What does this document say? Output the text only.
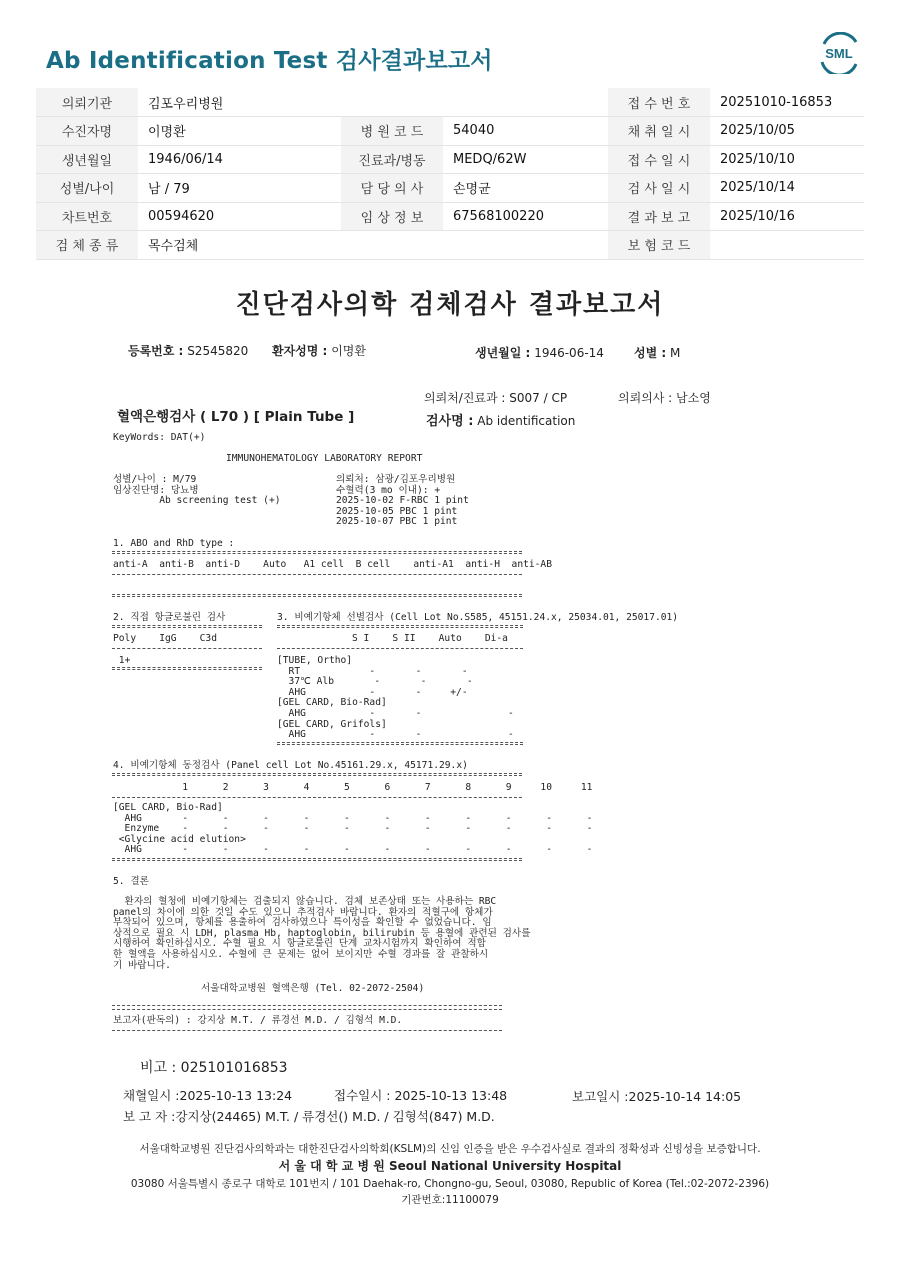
Ab Identification Test 검사결과보고서	SML
의뢰기관	김포우리병원			접 수 번 호	20251010-16853
수진자명	이명환	병 원 코 드	54040	채 취 일 시	2025/10/05
생년월일	1946/06/14	진료과/병동	MEDQ/62W	접 수 일 시	2025/10/10
성별/나이	남 / 79	담 당 의 사	손명균	검 사 일 시	2025/10/14
차트번호	00594620	임 상 정 보	67568100220	결 과 보 고	2025/10/16
검 체 종 류	목수검체			보 험 코 드	
진단검사의학 검체검사 결과보고서
등록번호 : S2545820 환자성명 : 이명환	생년월일 : 1946-06-14	성별 : M
의뢰처/진료과 : S007 / CP	의뢰의사 : 남소영
혈액은행검사 ( L70 ) [ Plain Tube ]	검사명 : Ab identification
KeyWords: DAT(+)
IMMUNOHEMATOLOGY LABORATORY REPORT
성별/나이 : M/79
임상진단명: 당뇨병
Ab screening test (+)
의뢰처: 삼광/김포우리병원
수혈력(3 mo 이내): +
2025-10-02 F-RBC 1 pint
2025-10-05 PBC 1 pint
2025-10-07 PBC 1 pint
1. ABO and RhD type :
anti-A  anti-B  anti-D    Auto   A1 cell  B cell    anti-A1  anti-H  anti-AB
2. 직접 항글로불린 검사
Poly    IgG    C3d
1+
3. 비예기항체 선별검사 (Cell Lot No.S585, 45151.24.x, 25034.01, 25017.01)
S I    S II    Auto    Di-a
[TUBE, Ortho]
RT            -       -       -
37℃ Alb       -       -       -
AHG           -       -     +/-
[GEL CARD, Bio-Rad]
AHG           -       -               -
[GEL CARD, Grifols]
AHG           -       -               -
4. 비예기항체 동정검사 (Panel cell Lot No.45161.29.x, 45171.29.x)
1      2      3      4      5      6      7      8      9     10     11
[GEL CARD, Bio-Rad]
AHG       -      -      -      -      -      -      -      -      -      -      -
Enzyme    -      -      -      -      -      -      -      -      -      -      -
<Glycine acid elution>
AHG       -      -      -      -      -      -      -      -      -      -      -
5. 결론
환자의 혈청에 비예기항체는 검출되지 않습니다. 검체 보존상태 또는 사용하는 RBC
panel의 차이에 의한 것일 수도 있으니 추적검사 바랍니다. 환자의 적혈구에 항체가
부착되어 있으며, 항체를 용출하여 검사하였으나 특이성을 확인할 수 없었습니다. 임
상적으로 필요 시 LDH, plasma Hb, haptoglobin, bilirubin 등 용혈에 관련된 검사를
시행하여 확인하십시오. 수혈 필요 시 항글로불린 단계 교차시험까지 확인하여 적합
한 혈액을 사용하십시오. 수혈에 큰 문제는 없어 보이지만 수혈 경과를 잘 관찰하시
기 바랍니다.
서울대학교병원 혈액은행 (Tel. 02-2072-2504)
보고자(판독의) : 강지상 M.T. / 류경선 M.D. / 김형석 M.D.
비고 : 025101016853
채혈일시 :2025-10-13 13:24	접수일시 : 2025-10-13 13:48	보고일시 :2025-10-14 14:05
보 고 자 :강지상(24465) M.T. / 류경선() M.D. / 김형석(847) M.D.
서울대학교병원 진단검사의학과는 대한진단검사의학회(KSLM)의 신임 인증을 받은 우수검사실로 결과의 정확성과 신빙성을 보증합니다.
서 울 대 학 교 병 원 Seoul National University Hospital
03080 서울특별시 종로구 대학로 101번지 / 101 Daehak-ro, Chongno-gu, Seoul, 03080, Republic of Korea (Tel.:02-2072-2396)
기관번호:11100079
